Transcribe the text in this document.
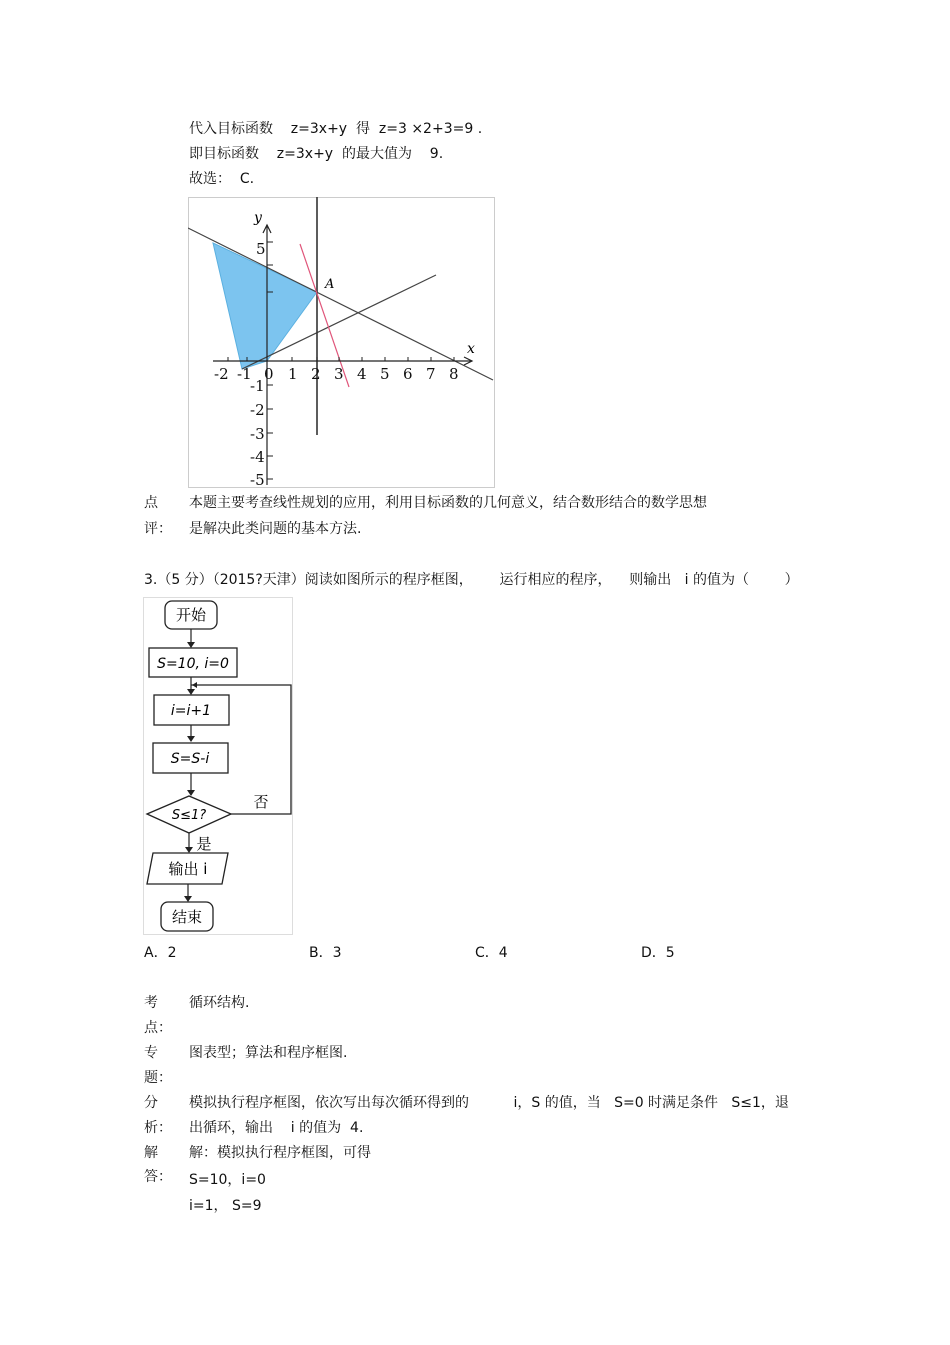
代入目标函数    z=3x+y  得  z=3 ×2+3=9 .
即目标函数    z=3x+y  的最大值为    9.
故选：  C.
y
x
A
-2 -1 0 1 2 3 4 5 6 7 8
5
-1
-2
-3
-4
-5
点
评：
本题主要考查线性规划的应用，利用目标函数的几何意义，结合数形结合的数学思想
是解决此类问题的基本方法.
3.（5 分）（2015?天津）阅读如图所示的程序框图，      运行相应的程序，    则输出   i 的值为（        ）
开始
S=10, i=0
i=i+1
S=S-i
S≤1?
否
是
输出 i
结束
A．2	B．3	C．4	D．5
考
点：
循环结构.
专
题：
图表型；算法和程序框图.
分
析：
模拟执行程序框图，依次写出每次循环得到的          i，S 的值，当   S=0 时满足条件   S≤1，退
出循环，输出    i 的值为  4.
解
答：
解：模拟执行程序框图，可得
S=10，i=0
i=1， S=9
